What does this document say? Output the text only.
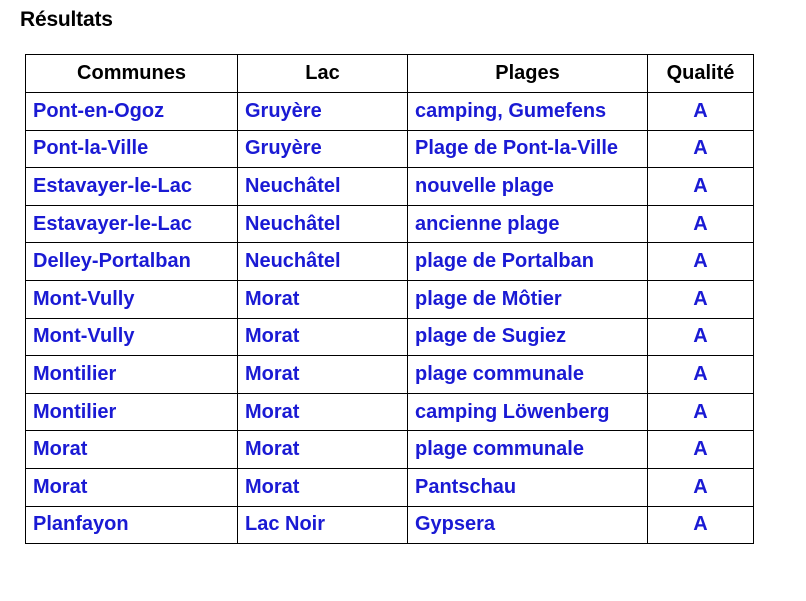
Résultats
Communes	Lac	Plages	Qualité
Pont-en-Ogoz	Gruyère	camping, Gumefens	A
Pont-la-Ville	Gruyère	Plage de Pont-la-Ville	A
Estavayer-le-Lac	Neuchâtel	nouvelle plage	A
Estavayer-le-Lac	Neuchâtel	ancienne plage	A
Delley-Portalban	Neuchâtel	plage de Portalban	A
Mont-Vully	Morat	plage de Môtier	A
Mont-Vully	Morat	plage de Sugiez	A
Montilier	Morat	plage communale	A
Montilier	Morat	camping Löwenberg	A
Morat	Morat	plage communale	A
Morat	Morat	Pantschau	A
Planfayon	Lac Noir	Gypsera	A
